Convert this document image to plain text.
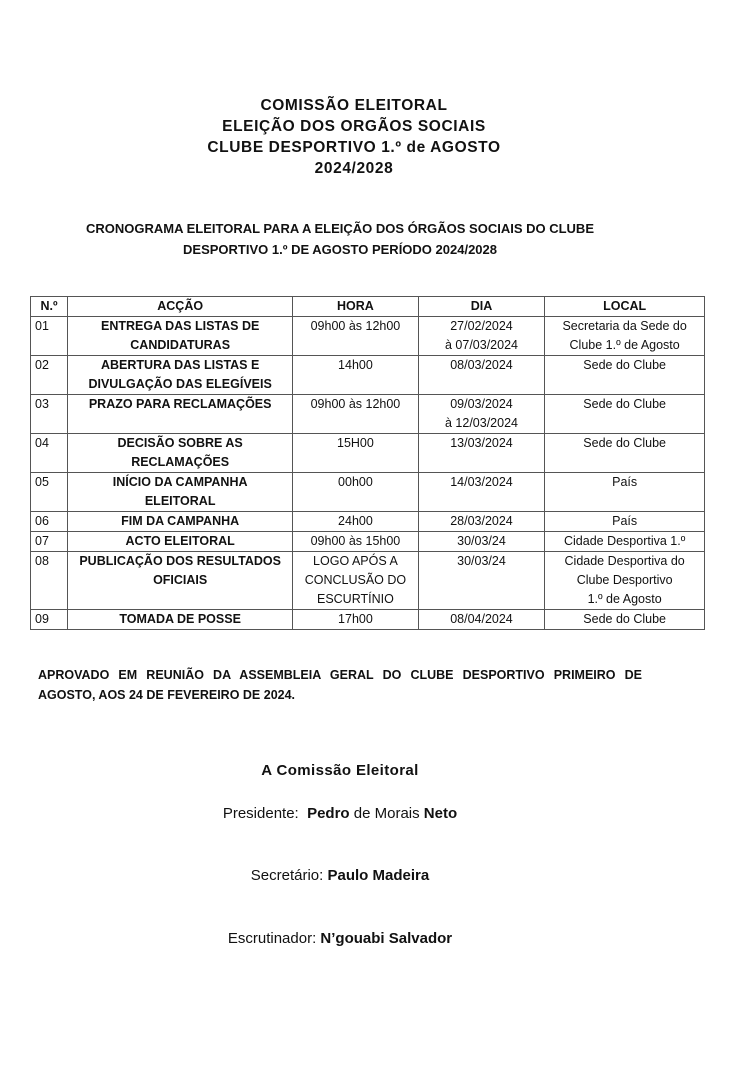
COMISSÃO ELEITORAL
ELEIÇÃO DOS ORGÃOS SOCIAIS
CLUBE DESPORTIVO 1.º de AGOSTO
2024/2028
CRONOGRAMA ELEITORAL PARA A ELEIÇÃO DOS ÓRGÃOS SOCIAIS DO CLUBE
DESPORTIVO 1.º DE AGOSTO PERÍODO 2024/2028
N.º	ACÇÃO	HORA	DIA	LOCAL
01	ENTREGA DAS LISTAS DE
CANDIDATURAS	09h00 às 12h00	27/02/2024
à 07/03/2024	Secretaria da Sede do
Clube 1.º de Agosto

02	ABERTURA DAS LISTAS E
DIVULGAÇÃO DAS ELEGÍVEIS	14h00	08/03/2024	Sede do Clube

03	PRAZO PARA RECLAMAÇÕES	09h00 às 12h00	09/03/2024
à 12/03/2024	Sede do Clube

04	DECISÃO SOBRE AS
RECLAMAÇÕES	15H00	13/03/2024	Sede do Clube

05	INÍCIO DA CAMPANHA
ELEITORAL	00h00	14/03/2024	País

06	FIM DA CAMPANHA	24h00	28/03/2024	País

07	ACTO ELEITORAL	09h00 às 15h00	30/03/24	Cidade Desportiva 1.º

08	PUBLICAÇÃO DOS RESULTADOS
OFICIAIS	LOGO APÓS A
CONCLUSÃO DO
ESCURTÍNIO	30/03/24	Cidade Desportiva do
Clube Desportivo
1.º de Agosto

09	TOMADA DE POSSE	17h00	08/04/2024	Sede do Clube
APROVADO EM REUNIÃO DA ASSEMBLEIA GERAL DO CLUBE DESPORTIVO PRIMEIRO DE AGOSTO, AOS 24 DE FEVEREIRO DE 2024.
A Comissão Eleitoral
Presidente: Pedro de Morais Neto
Secretário: Paulo Madeira
Escrutinador: N’gouabi Salvador
